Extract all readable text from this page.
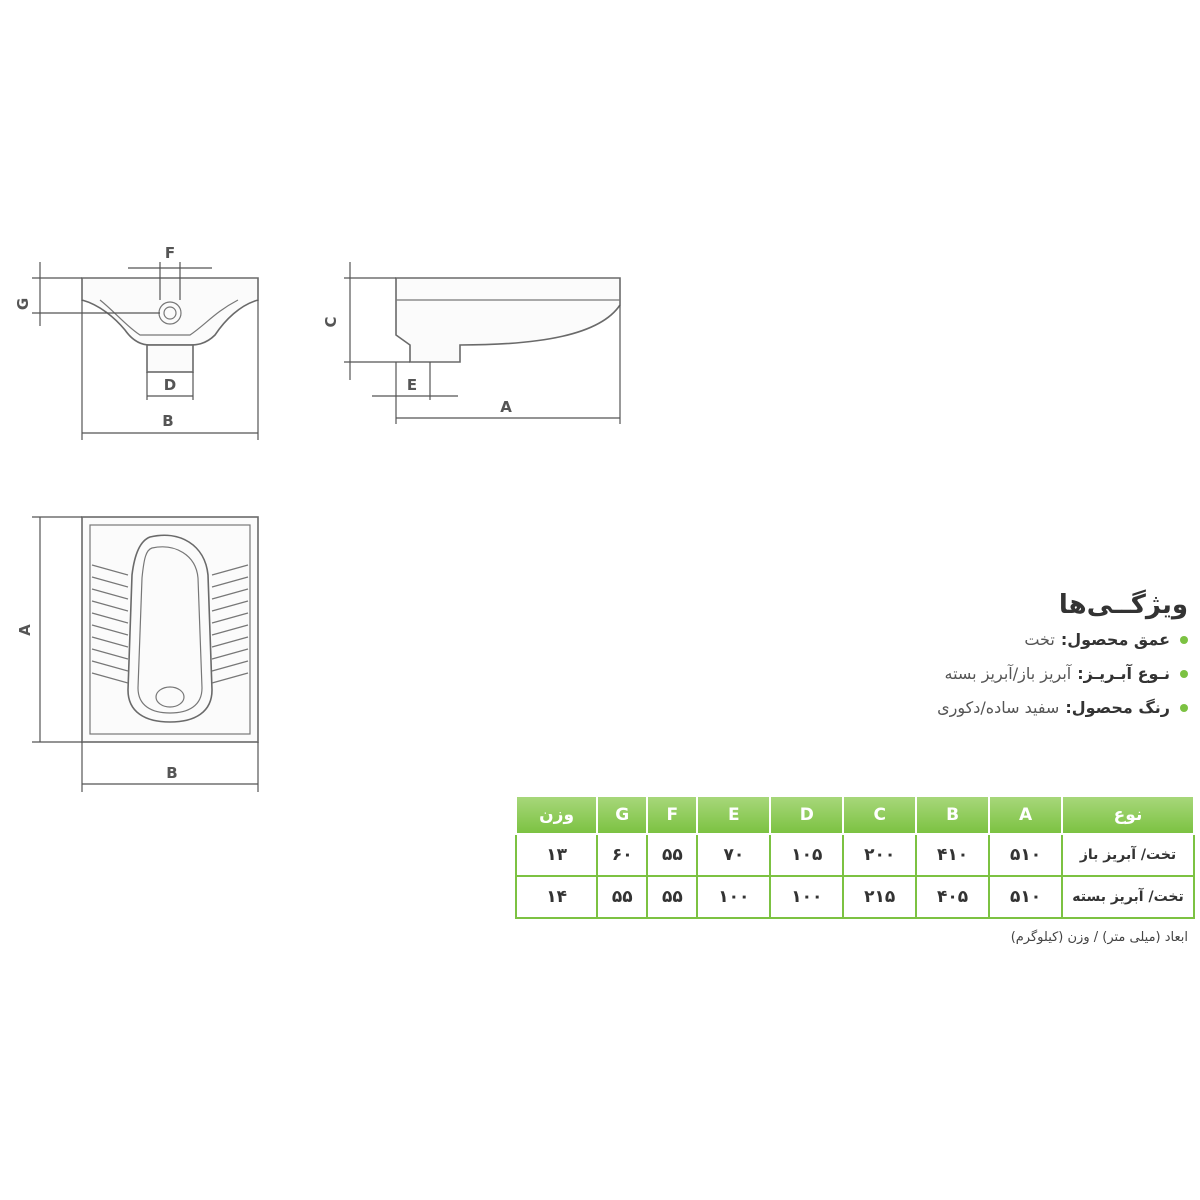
F
G
D
B
C
E
A
A
B
ویژگــی‌ها
عمق محصول:
تخت
نـوع آبـریـز:
آبریز باز/آبریز بسته
رنگ محصول:
سفید ساده/دکوری
نوع	A	B	C	D	E	F	G	وزن
تخت/ آبریز باز	۵۱۰	۴۱۰	۲۰۰	۱۰۵	۷۰	۵۵	۶۰	۱۳
تخت/ آبریز بسته	۵۱۰	۴۰۵	۲۱۵	۱۰۰	۱۰۰	۵۵	۵۵	۱۴
ابعاد (میلی متر) / وزن (کیلوگرم)
